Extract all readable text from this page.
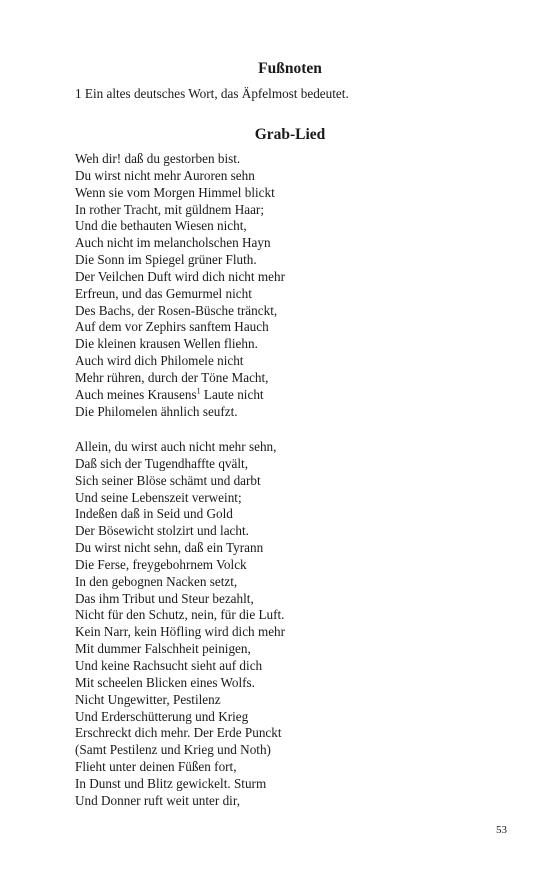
Fußnoten

1 Ein altes deutsches Wort, das Äpfelmost bedeutet.

Grab-Lied
Weh dir! daß du gestorben bist.
Du wirst nicht mehr Auroren sehn
Wenn sie vom Morgen Himmel blickt
In rother Tracht, mit güldnem Haar;
Und die bethauten Wiesen nicht,
Auch nicht im melancholschen Hayn
Die Sonn im Spiegel grüner Fluth.
Der Veilchen Duft wird dich nicht mehr
Erfreun, und das Gemurmel nicht
Des Bachs, der Rosen-Büsche tränckt,
Auf dem vor Zephirs sanftem Hauch
Die kleinen krausen Wellen fliehn.
Auch wird dich Philomele nicht
Mehr rühren, durch der Töne Macht,
Auch meines Krausens$^1$ Laute nicht
Die Philomelen ähnlich seufzt.
Allein, du wirst auch nicht mehr sehn,
Daß sich der Tugendhaffte qvält,
Sich seiner Blöse schämt und darbt
Und seine Lebenszeit verweint;
Indeßen daß in Seid und Gold
Der Bösewicht stolzirt und lacht.
Du wirst nicht sehn, daß ein Tyrann
Die Ferse, freygebohrnem Volck
In den gebognen Nacken setzt,
Das ihm Tribut und Steur bezahlt,
Nicht für den Schutz, nein, für die Luft.
Kein Narr, kein Höfling wird dich mehr
Mit dummer Falschheit peinigen,
Und keine Rachsucht sieht auf dich
Mit scheelen Blicken eines Wolfs.
Nicht Ungewitter, Pestilenz
Und Erderschütterung und Krieg
Erschreckt dich mehr. Der Erde Punckt
(Samt Pestilenz und Krieg und Noth)
Flieht unter deinen Füßen fort,
In Dunst und Blitz gewickelt. Sturm
Und Donner ruft weit unter dir,

53
